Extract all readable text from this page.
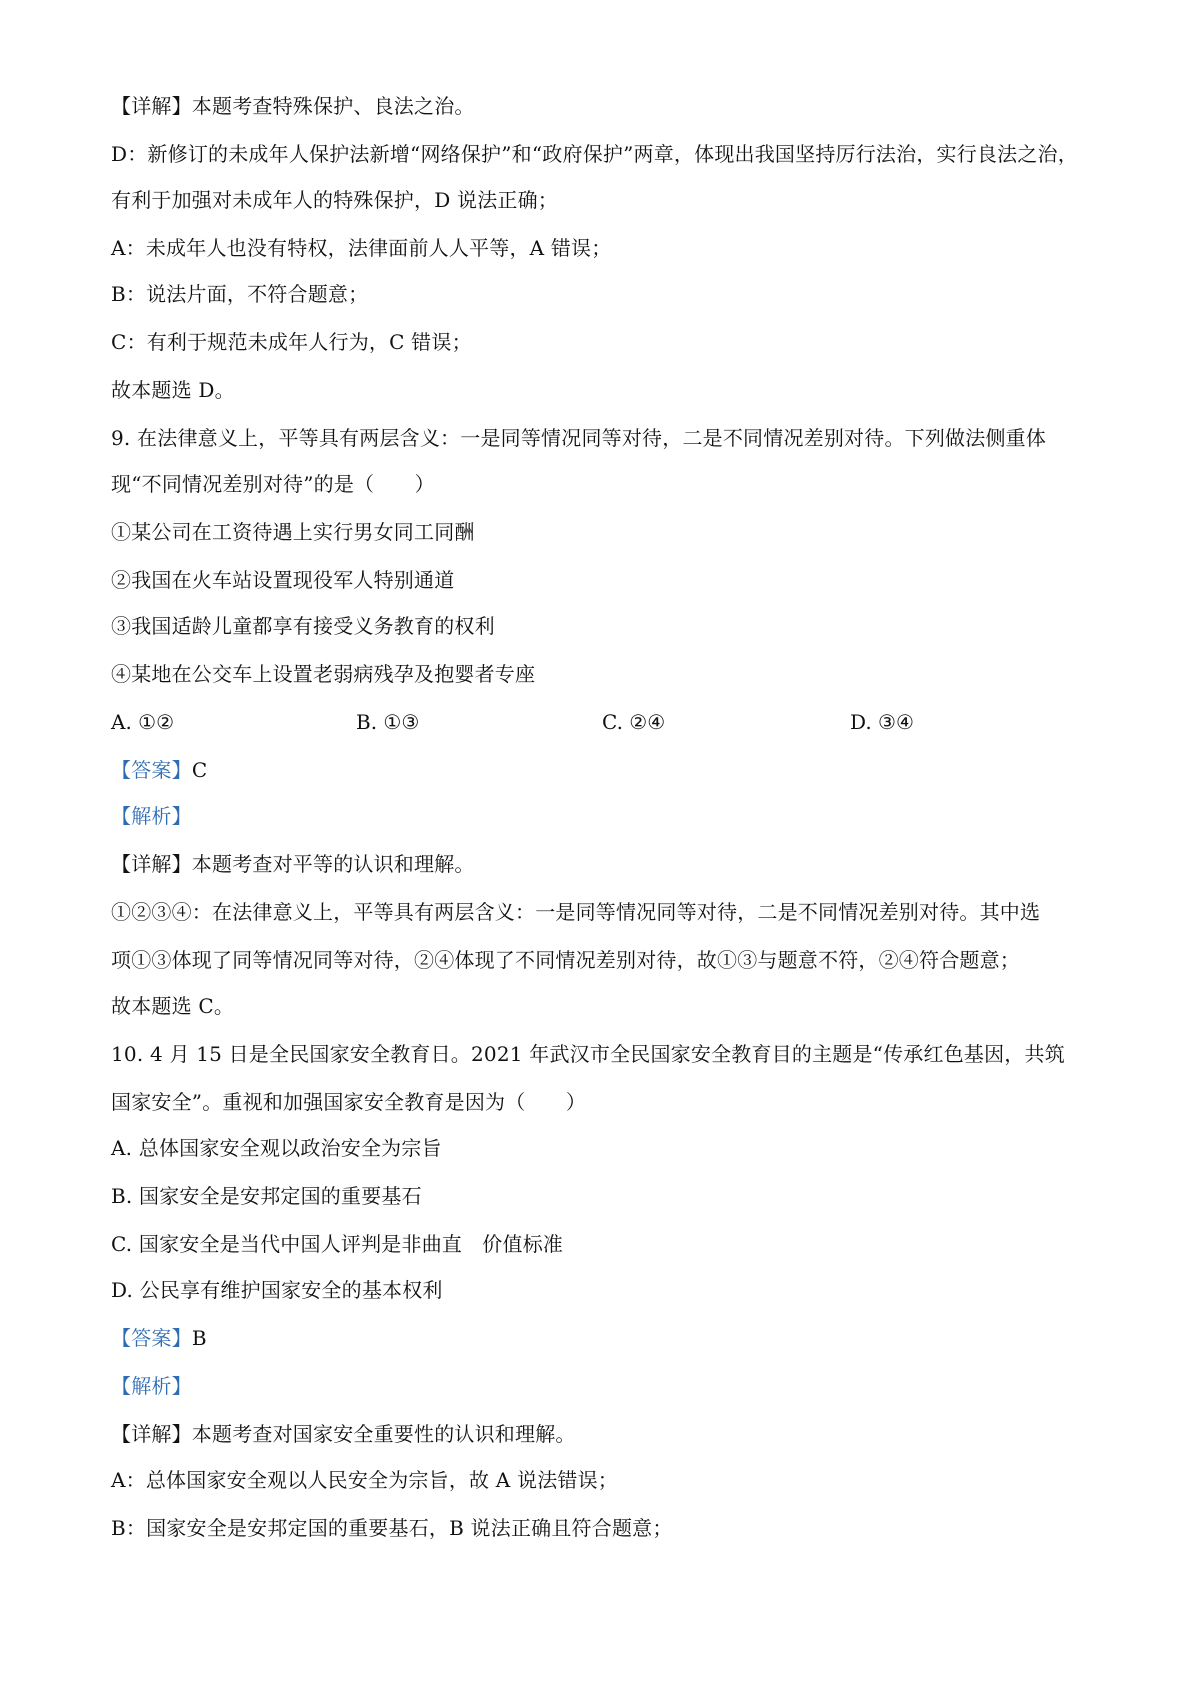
【详解】本题考查特殊保护、良法之治。
D：新修订的未成年人保护法新增“网络保护”和“政府保护”两章，体现出我国坚持厉行法治，实行良法之治，
有利于加强对未成年人的特殊保护，D 说法正确；
A：未成年人也没有特权，法律面前人人平等，A 错误；
B：说法片面，不符合题意；
C：有利于规范未成年人行为，C 错误；
故本题选 D。
9. 在法律意义上，平等具有两层含义：一是同等情况同等对待，二是不同情况差别对待。下列做法侧重体
现“不同情况差别对待”的是（　　）
①某公司在工资待遇上实行男女同工同酬
②我国在火车站设置现役军人特别通道
③我国适龄儿童都享有接受义务教育的权利
④某地在公交车上设置老弱病残孕及抱婴者专座
A. ①②	B. ①③	C. ②④	D. ③④
【答案】C
【解析】
【详解】本题考查对平等的认识和理解。
①②③④：在法律意义上，平等具有两层含义：一是同等情况同等对待，二是不同情况差别对待。其中选
项①③体现了同等情况同等对待，②④体现了不同情况差别对待，故①③与题意不符，②④符合题意；
故本题选 C。
10. 4 月 15 日是全民国家安全教育日。2021 年武汉市全民国家安全教育目的主题是“传承红色基因，共筑
国家安全”。重视和加强国家安全教育是因为（　　）
A. 总体国家安全观以政治安全为宗旨
B. 国家安全是安邦定国的重要基石
C. 国家安全是当代中国人评判是非曲直　价值标准
D. 公民享有维护国家安全的基本权利
【答案】B
【解析】
【详解】本题考查对国家安全重要性的认识和理解。
A：总体国家安全观以人民安全为宗旨，故 A 说法错误；
B：国家安全是安邦定国的重要基石，B 说法正确且符合题意；
